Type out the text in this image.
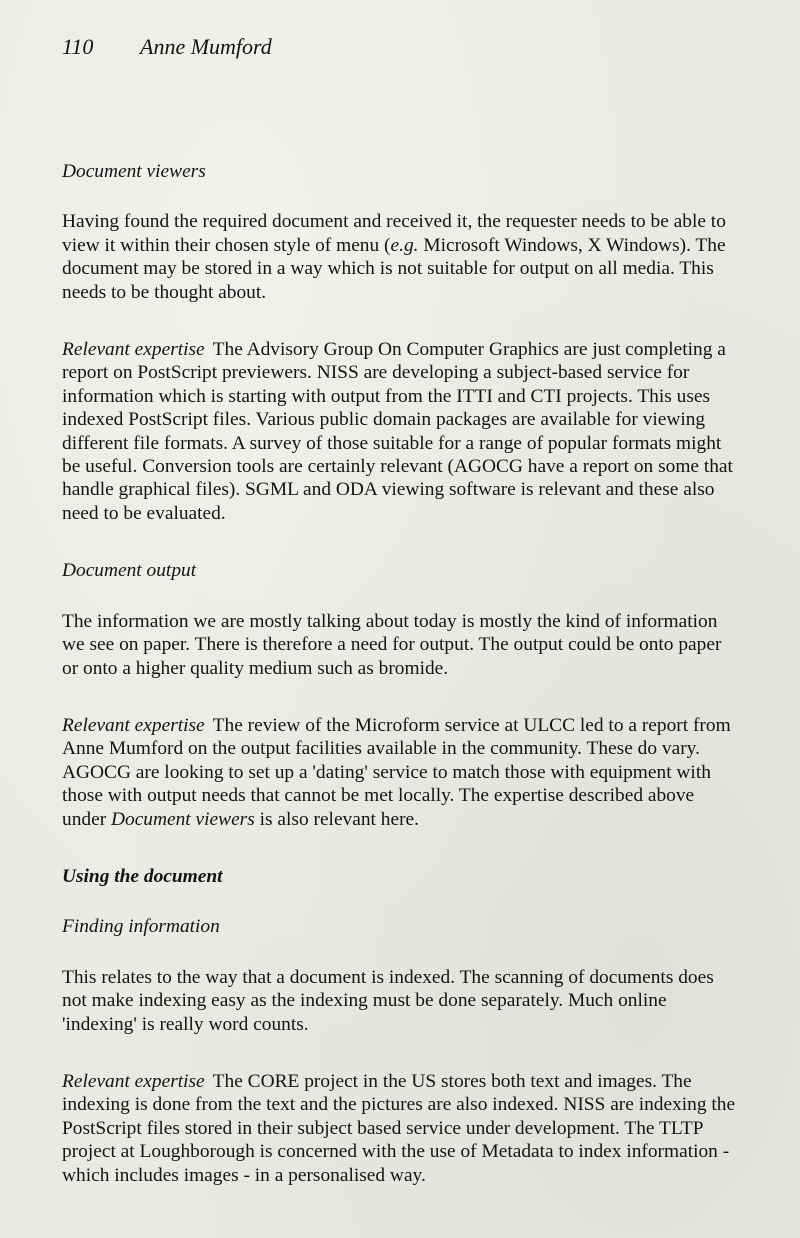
110 Anne Mumford
Document viewers

Having found the required document and received it, the requester needs to be able to view it within their chosen style of menu (e.g. Microsoft Windows, X Windows). The document may be stored in a way which is not suitable for output on all media. This needs to be thought about.

Relevant expertise The Advisory Group On Computer Graphics are just completing a report on PostScript previewers. NISS are developing a subject-based service for information which is starting with output from the ITTI and CTI projects. This uses indexed PostScript files. Various public domain packages are available for viewing different file formats. A survey of those suitable for a range of popular formats might be useful. Conversion tools are certainly relevant (AGOCG have a report on some that handle graphical files). SGML and ODA viewing software is relevant and these also need to be evaluated.

Document output

The information we are mostly talking about today is mostly the kind of information we see on paper. There is therefore a need for output. The output could be onto paper or onto a higher quality medium such as bromide.

Relevant expertise The review of the Microform service at ULCC led to a report from Anne Mumford on the output facilities available in the community. These do vary. AGOCG are looking to set up a 'dating' service to match those with equipment with those with output needs that cannot be met locally. The expertise described above under Document viewers is also relevant here.

Using the document
Finding information

This relates to the way that a document is indexed. The scanning of documents does not make indexing easy as the indexing must be done separately. Much online 'indexing' is really word counts.

Relevant expertise The CORE project in the US stores both text and images. The indexing is done from the text and the pictures are also indexed. NISS are indexing the PostScript files stored in their subject based service under development. The TLTP project at Loughborough is concerned with the use of Metadata to index information - which includes images - in a personalised way.
